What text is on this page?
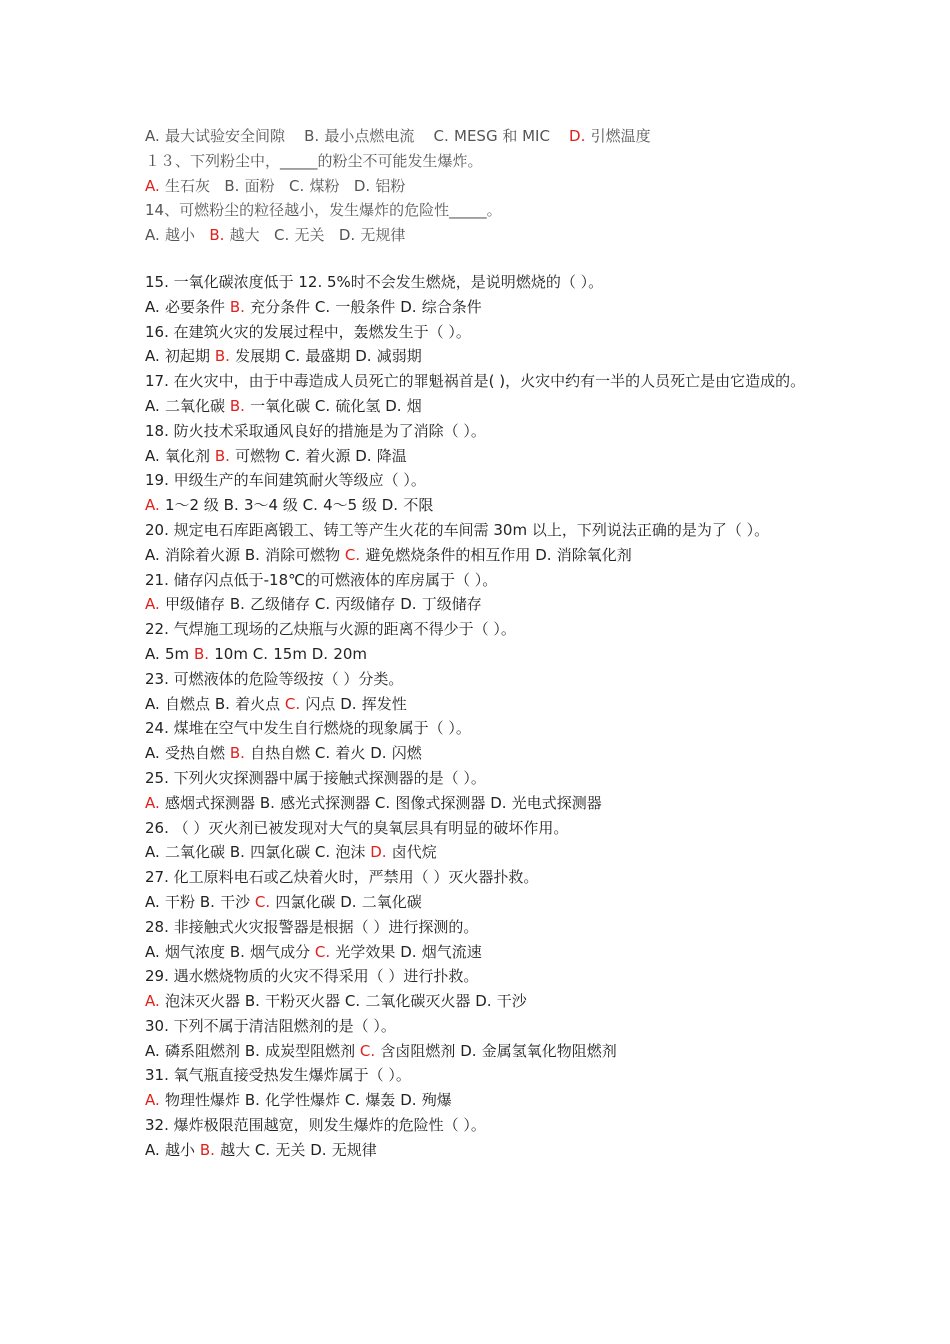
A. 最大试验安全间隙 B. 最小点燃电流 C. MESG 和 MIC D. 引燃温度
１３、下列粉尘中，_____的粉尘不可能发生爆炸。
A. 生石灰 B. 面粉 C. 煤粉 D. 铝粉
14、可燃粉尘的粒径越小，发生爆炸的危险性_____。
A. 越小 B. 越大 C. 无关 D. 无规律
15. 一氧化碳浓度低于 12. 5%时不会发生燃烧，是说明燃烧的（ ）。
A. 必要条件 B. 充分条件 C. 一般条件 D. 综合条件
16. 在建筑火灾的发展过程中，轰燃发生于（ ）。
A. 初起期 B. 发展期 C. 最盛期 D. 减弱期
17. 在火灾中，由于中毒造成人员死亡的罪魁祸首是( )，火灾中约有一半的人员死亡是由它造成的。
A. 二氧化碳 B. 一氧化碳 C. 硫化氢 D. 烟
18. 防火技术采取通风良好的措施是为了消除（ ）。
A. 氧化剂 B. 可燃物 C. 着火源 D. 降温
19. 甲级生产的车间建筑耐火等级应（ ）。
A. 1～2 级 B. 3～4 级 C. 4～5 级 D. 不限
20. 规定电石库距离锻工、铸工等产生火花的车间需 30m 以上，下列说法正确的是为了（ ）。
A. 消除着火源 B. 消除可燃物 C. 避免燃烧条件的相互作用 D. 消除氧化剂
21. 储存闪点低于-18℃的可燃液体的库房属于（ ）。
A. 甲级储存 B. 乙级储存 C. 丙级储存 D. 丁级储存
22. 气焊施工现场的乙炔瓶与火源的距离不得少于（ ）。
A. 5m B. 10m C. 15m D. 20m
23. 可燃液体的危险等级按（ ）分类。
A. 自燃点 B. 着火点 C. 闪点 D. 挥发性
24. 煤堆在空气中发生自行燃烧的现象属于（ ）。
A. 受热自燃 B. 自热自燃 C. 着火 D. 闪燃
25. 下列火灾探测器中属于接触式探测器的是（ ）。
A. 感烟式探测器 B. 感光式探测器 C. 图像式探测器 D. 光电式探测器
26. （ ）灭火剂已被发现对大气的臭氧层具有明显的破坏作用。
A. 二氧化碳 B. 四氯化碳 C. 泡沫 D. 卤代烷
27. 化工原料电石或乙炔着火时，严禁用（ ）灭火器扑救。
A. 干粉 B. 干沙 C. 四氯化碳 D. 二氧化碳
28. 非接触式火灾报警器是根据（ ）进行探测的。
A. 烟气浓度 B. 烟气成分 C. 光学效果 D. 烟气流速
29. 遇水燃烧物质的火灾不得采用（ ）进行扑救。
A. 泡沫灭火器 B. 干粉灭火器 C. 二氧化碳灭火器 D. 干沙
30. 下列不属于清洁阻燃剂的是（ ）。
A. 磷系阻燃剂 B. 成炭型阻燃剂 C. 含卤阻燃剂 D. 金属氢氧化物阻燃剂
31. 氧气瓶直接受热发生爆炸属于（ ）。
A. 物理性爆炸 B. 化学性爆炸 C. 爆轰 D. 殉爆
32. 爆炸极限范围越宽，则发生爆炸的危险性（ ）。
A. 越小 B. 越大 C. 无关 D. 无规律
